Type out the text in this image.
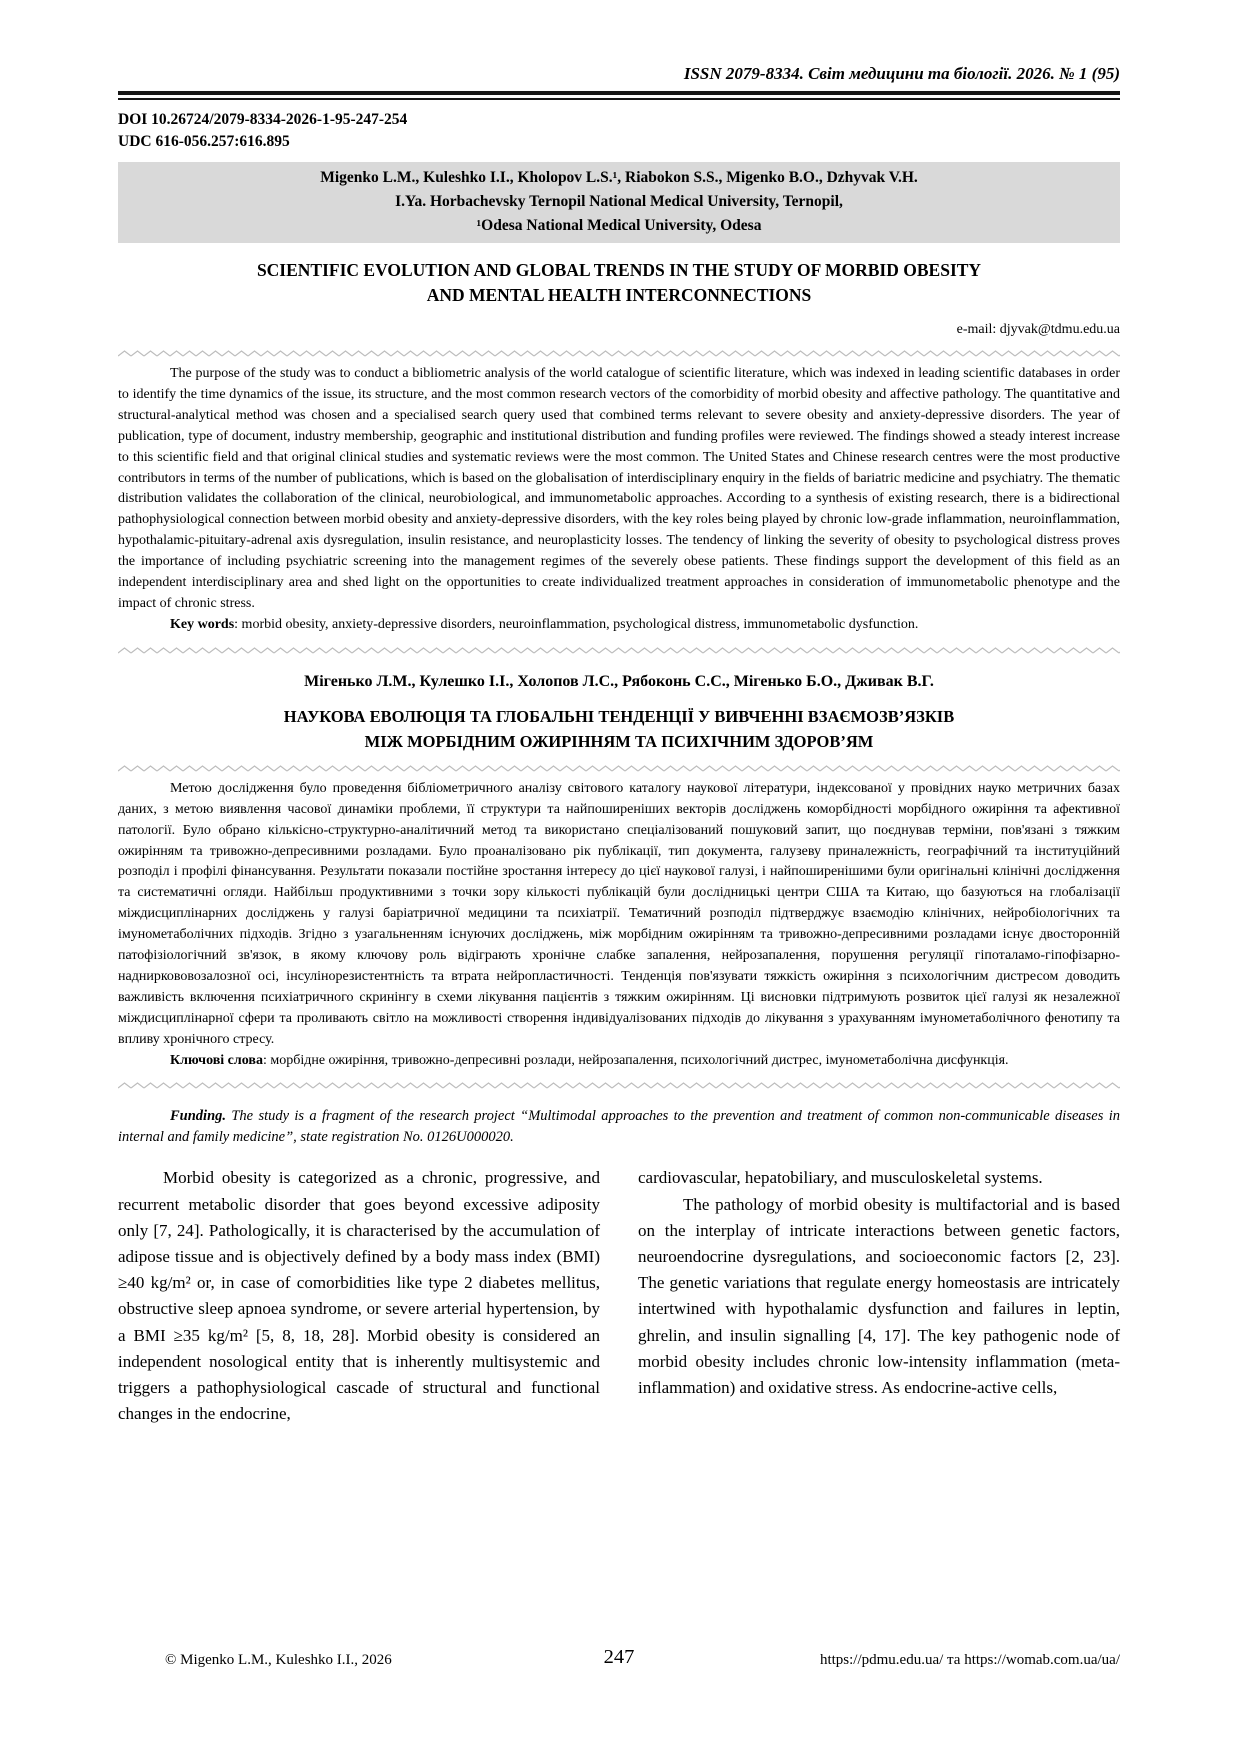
ISSN 2079-8334. Світ медицини та біології. 2026. № 1 (95)
DOI 10.26724/2079-8334-2026-1-95-247-254
UDC 616-056.257:616.895
Migenko L.M., Kuleshko I.I., Kholopov L.S.¹, Riabokon S.S., Migenko B.O., Dzhyvak V.H.
I.Ya. Horbachevsky Ternopil National Medical University, Ternopil,
¹Odesa National Medical University, Odesa
SCIENTIFIC EVOLUTION AND GLOBAL TRENDS IN THE STUDY OF MORBID OBESITY
AND MENTAL HEALTH INTERCONNECTIONS
e-mail: djyvak@tdmu.edu.ua

The purpose of the study was to conduct a bibliometric analysis of the world catalogue of scientific literature, which was indexed in leading scientific databases in order to identify the time dynamics of the issue, its structure, and the most common research vectors of the comorbidity of morbid obesity and affective pathology. The quantitative and structural-analytical method was chosen and a specialised search query used that combined terms relevant to severe obesity and anxiety-depressive disorders. The year of publication, type of document, industry membership, geographic and institutional distribution and funding profiles were reviewed. The findings showed a steady interest increase to this scientific field and that original clinical studies and systematic reviews were the most common. The United States and Chinese research centres were the most productive contributors in terms of the number of publications, which is based on the globalisation of interdisciplinary enquiry in the fields of bariatric medicine and psychiatry. The thematic distribution validates the collaboration of the clinical, neurobiological, and immunometabolic approaches. According to a synthesis of existing research, there is a bidirectional pathophysiological connection between morbid obesity and anxiety-depressive disorders, with the key roles being played by chronic low-grade inflammation, neuroinflammation, hypothalamic-pituitary-adrenal axis dysregulation, insulin resistance, and neuroplasticity losses. The tendency of linking the severity of obesity to psychological distress proves the importance of including psychiatric screening into the management regimes of the severely obese patients. These findings support the development of this field as an independent interdisciplinary area and shed light on the opportunities to create individualized treatment approaches in consideration of immunometabolic phenotype and the impact of chronic stress.

Key words: morbid obesity, anxiety-depressive disorders, neuroinflammation, psychological distress, immunometabolic dysfunction.

Мігенько Л.М., Кулешко І.І., Холопов Л.С., Рябоконь С.С., Мігенько Б.О., Дживак В.Г.
НАУКОВА ЕВОЛЮЦІЯ ТА ГЛОБАЛЬНІ ТЕНДЕНЦІЇ У ВИВЧЕННІ ВЗАЄМОЗВ’ЯЗКІВ
МІЖ МОРБІДНИМ ОЖИРІННЯМ ТА ПСИХІЧНИМ ЗДОРОВ’ЯМ

Метою дослідження було проведення бібліометричного аналізу світового каталогу наукової літератури, індексованої у провідних науко метричних базах даних, з метою виявлення часової динаміки проблеми, її структури та найпоширеніших векторів досліджень коморбідності морбідного ожиріння та афективної патології. Було обрано кількісно-структурно-аналітичний метод та використано спеціалізований пошуковий запит, що поєднував терміни, пов'язані з тяжким ожирінням та тривожно-депресивними розладами. Було проаналізовано рік публікації, тип документа, галузеву приналежність, географічний та інституційний розподіл і профілі фінансування. Результати показали постійне зростання інтересу до цієї наукової галузі, і найпоширенішими були оригінальні клінічні дослідження та систематичні огляди. Найбільш продуктивними з точки зору кількості публікацій були дослідницькі центри США та Китаю, що базуються на глобалізації міждисциплінарних досліджень у галузі баріатричної медицини та психіатрії. Тематичний розподіл підтверджує взаємодію клінічних, нейробіологічних та імунометаболічних підходів. Згідно з узагальненням існуючих досліджень, між морбідним ожирінням та тривожно-депресивними розладами існує двосторонній патофізіологічний зв'язок, в якому ключову роль відіграють хронічне слабке запалення, нейрозапалення, порушення регуляції гіпоталамо-гіпофізарно-надниркововозалозної осі, інсулінорезистентність та втрата нейропластичності. Тенденція пов'язувати тяжкість ожиріння з психологічним дистресом доводить важливість включення психіатричного скринінгу в схеми лікування пацієнтів з тяжким ожирінням. Ці висновки підтримують розвиток цієї галузі як незалежної міждисциплінарної сфери та проливають світло на можливості створення індивідуалізованих підходів до лікування з урахуванням імунометаболічного фенотипу та впливу хронічного стресу.

Ключові слова: морбідне ожиріння, тривожно-депресивні розлади, нейрозапалення, психологічний дистрес, імунометаболічна дисфункція.

Funding. The study is a fragment of the research project “Multimodal approaches to the prevention and treatment of common non-communicable diseases in internal and family medicine”, state registration No. 0126U000020.

Morbid obesity is categorized as a chronic, progressive, and recurrent metabolic disorder that goes beyond excessive adiposity only [7, 24]. Pathologically, it is characterised by the accumulation of adipose tissue and is objectively defined by a body mass index (BMI) ≥40 kg/m² or, in case of comorbidities like type 2 diabetes mellitus, obstructive sleep apnoea syndrome, or severe arterial hypertension, by a BMI ≥35 kg/m² [5, 8, 18, 28]. Morbid obesity is considered an independent nosological entity that is inherently multisystemic and triggers a pathophysiological cascade of structural and functional changes in the endocrine,

cardiovascular, hepatobiliary, and musculoskeletal systems.

The pathology of morbid obesity is multifactorial and is based on the interplay of intricate interactions between genetic factors, neuroendocrine dysregulations, and socioeconomic factors [2, 23]. The genetic variations that regulate energy homeostasis are intricately intertwined with hypothalamic dysfunction and failures in leptin, ghrelin, and insulin signalling [4, 17]. The key pathogenic node of morbid obesity includes chronic low-intensity inflammation (meta-inflammation) and oxidative stress. As endocrine-active cells,

247
© Migenko L.M., Kuleshko I.I., 2026	https://pdmu.edu.ua/ та https://womab.com.ua/ua/
